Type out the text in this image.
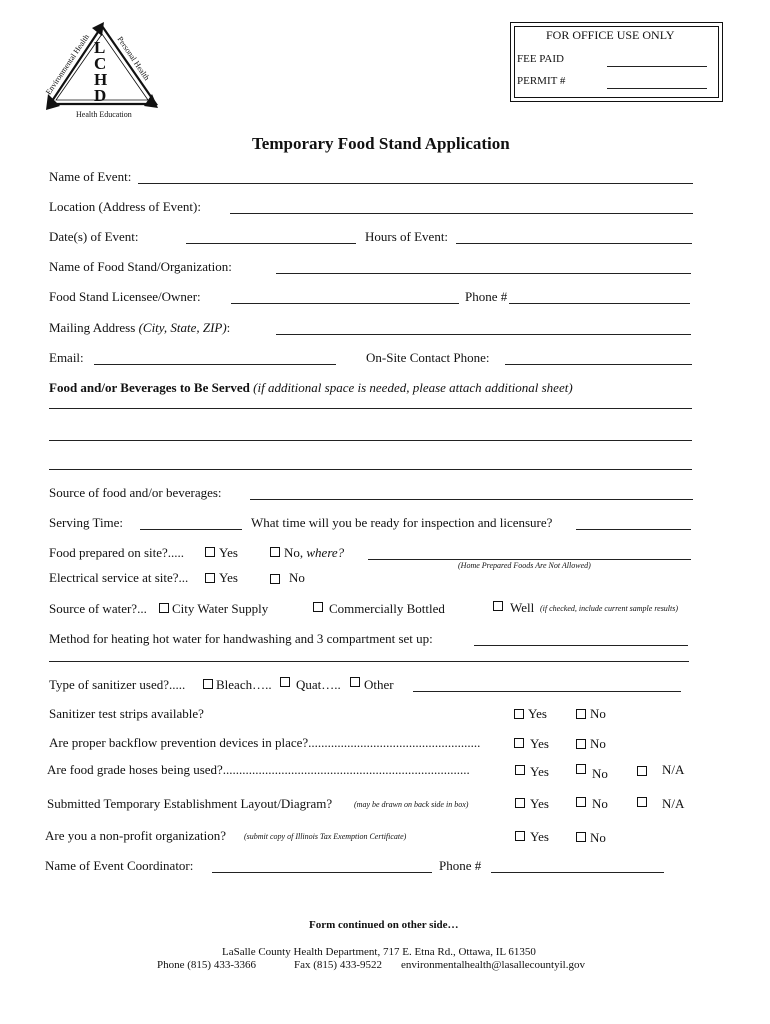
L
C
H
D
Environmental Health	Personal Health
Health Education
FOR OFFICE USE ONLY
FEE PAID
PERMIT #
Temporary Food Stand Application
Name of Event:
Location (Address of Event):
Date(s) of Event:	Hours of Event:
Name of Food Stand/Organization:
Food Stand Licensee/Owner:	Phone #
Mailing Address (City, State, ZIP):
Email:	On-Site Contact Phone:
Food and/or Beverages to Be Served (if additional space is needed, please attach additional sheet)
Source of food and/or beverages:
Serving Time:	What time will you be ready for inspection and licensure?
Food prepared on site?.....	Yes	No, where?
(Home Prepared Foods Are Not Allowed)
Electrical service at site?... Yes	No
Source of water?... City Water Supply	Commercially Bottled	Well (if checked, include current sample results)
Method for heating hot water for handwashing and 3 compartment set up:
Type of sanitizer used?..... Bleach….. Quat….. Other
Sanitizer test strips available?	Yes	No
Are proper backflow prevention devices in place?.....................................................	Yes	No
Are food grade hoses being used?............................................................................	Yes	No	N/A
Submitted Temporary Establishment Layout/Diagram?	(may be drawn on back side in box)	Yes	No	N/A
Are you a non-profit organization? (submit copy of Illinois Tax Exemption Certificate)	Yes	No
Name of Event Coordinator:	Phone #
Form continued on other side…
LaSalle County Health Department, 717 E. Etna Rd., Ottawa, IL 61350
Phone (815) 433-3366	Fax (815) 433-9522 environmentalhealth@lasallecountyil.gov
